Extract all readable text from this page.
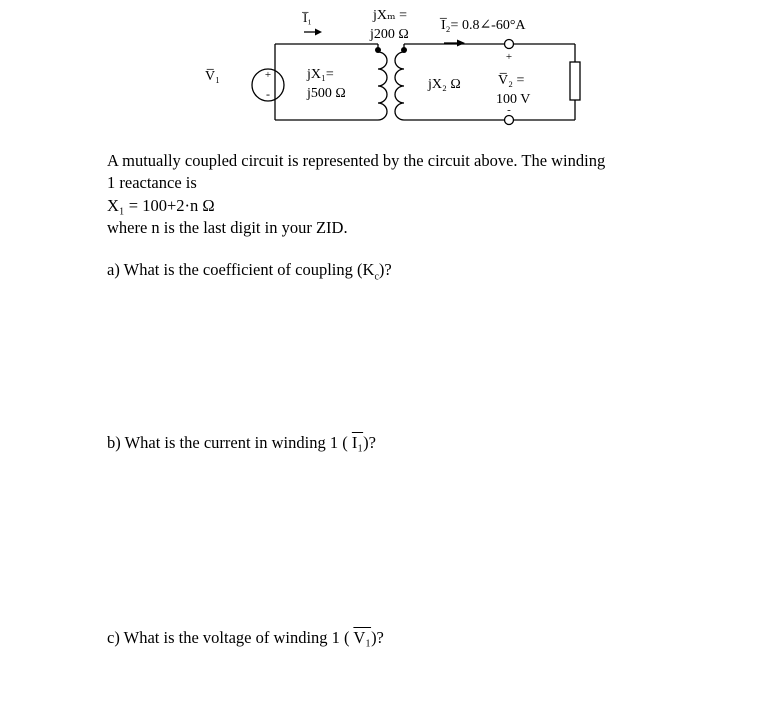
+
-
+
-
I̅₁
V̅₁	jX₁=
j500 Ω
jXₘ =
j200 Ω
jX₂ Ω
I̅₂= 0.8∠-60°A
V̅₂ =
100 V
A mutually coupled circuit is represented by the circuit above. The winding
1 reactance is
X₁ = 100+2·n Ω
where n is the last digit in your ZID.
a) What is the coefficient of coupling $(K_c)$?
b) What is the current in winding 1 ( I₁)?
c) What is the voltage of winding 1 ( V₁)?
